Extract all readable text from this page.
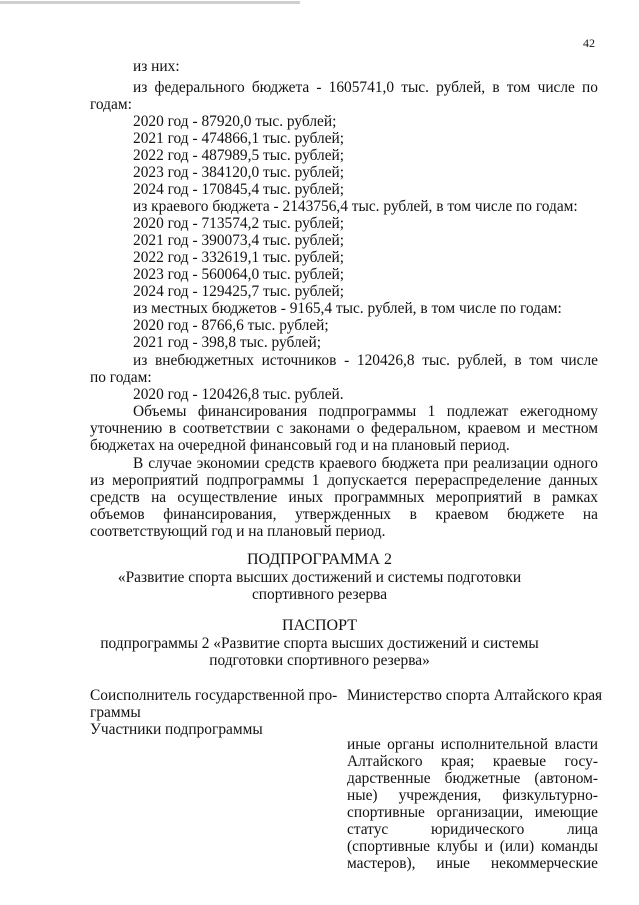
42
из них:
из федерального бюджета - 1605741,0 тыс. рублей, в том числе по
годам:
2020 год - 87920,0 тыс. рублей;
2021 год - 474866,1 тыс. рублей;
2022 год - 487989,5 тыс. рублей;
2023 год - 384120,0 тыс. рублей;
2024 год - 170845,4 тыс. рублей;
из краевого бюджета - 2143756,4 тыс. рублей, в том числе по годам:
2020 год - 713574,2 тыс. рублей;
2021 год - 390073,4 тыс. рублей;
2022 год - 332619,1 тыс. рублей;
2023 год - 560064,0 тыс. рублей;
2024 год - 129425,7 тыс. рублей;
из местных бюджетов - 9165,4 тыс. рублей, в том числе по годам:
2020 год - 8766,6 тыс. рублей;
2021 год - 398,8 тыс. рублей;
из внебюджетных источников - 120426,8 тыс. рублей, в том числе
по годам:
2020 год - 120426,8 тыс. рублей.
Объемы финансирования подпрограммы 1 подлежат ежегодному
уточнению в соответствии с законами о федеральном, краевом и местном
бюджетах на очередной финансовый год и на плановый период.
В случае экономии средств краевого бюджета при реализации одного
из мероприятий подпрограммы 1 допускается перераспределение данных
средств на осуществление иных программных мероприятий в рамках
объемов финансирования, утвержденных в краевом бюджете на
соответствующий год и на плановый период.
ПОДПРОГРАММА 2
«Развитие спорта высших достижений и системы подготовки
спортивного резерва
ПАСПОРТ
подпрограммы 2 «Развитие спорта высших достижений и системы
подготовки спортивного резерва»
Соисполнитель государственной про-
граммы
Министерство спорта Алтайского края
Участники подпрограммы
иные органы исполнительной власти
Алтайского края; краевые госу-
дарственные бюджетные (автоном-
ные) учреждения, физкультурно-
спортивные организации, имеющие
статус юридического лица
(спортивные клубы и (или) команды
мастеров), иные некоммерческие
